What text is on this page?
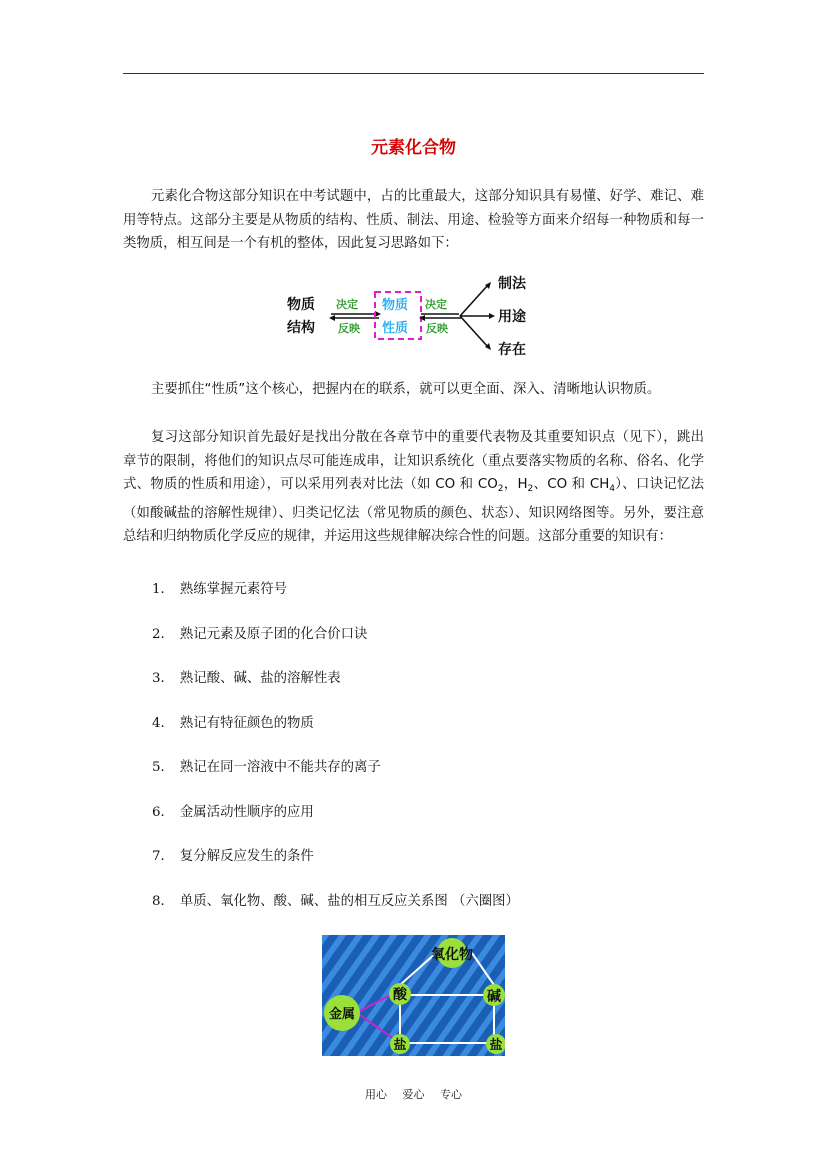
元素化合物

元素化合物这部分知识在中考试题中，占的比重最大，这部分知识具有易懂、好学、难记、难用等特点。这部分主要是从物质的结构、性质、制法、用途、检验等方面来介绍每一种物质和每一类物质，相互间是一个有机的整体，因此复习思路如下：

物质
结构
决定
反映
物质
性质
决定
反映
制法
用途
存在

主要抓住“性质”这个核心，把握内在的联系，就可以更全面、深入、清晰地认识物质。

复习这部分知识首先最好是找出分散在各章节中的重要代表物及其重要知识点（见下），跳出章节的限制，将他们的知识点尽可能连成串，让知识系统化（重点要落实物质的名称、俗名、化学式、物质的性质和用途），可以采用列表对比法（如 CO 和 $CO_2$，$H_2$、CO 和 $CH_4$）、口诀记忆法（如酸碱盐的溶解性规律）、归类记忆法（常见物质的颜色、状态）、知识网络图等。另外，要注意总结和归纳物质化学反应的规律，并运用这些规律解决综合性的问题。这部分重要的知识有：

1． 熟练掌握元素符号
2． 熟记元素及原子团的化合价口诀
3． 熟记酸、碱、盐的溶解性表
4． 熟记有特征颜色的物质
5． 熟记在同一溶液中不能共存的离子
6． 金属活动性顺序的应用
7． 复分解反应发生的条件
8． 单质、氧化物、酸、碱、盐的相互反应关系图 （六圈图）
氧化物
酸	碱
金属
盐	盐
用心 爱心 专心
